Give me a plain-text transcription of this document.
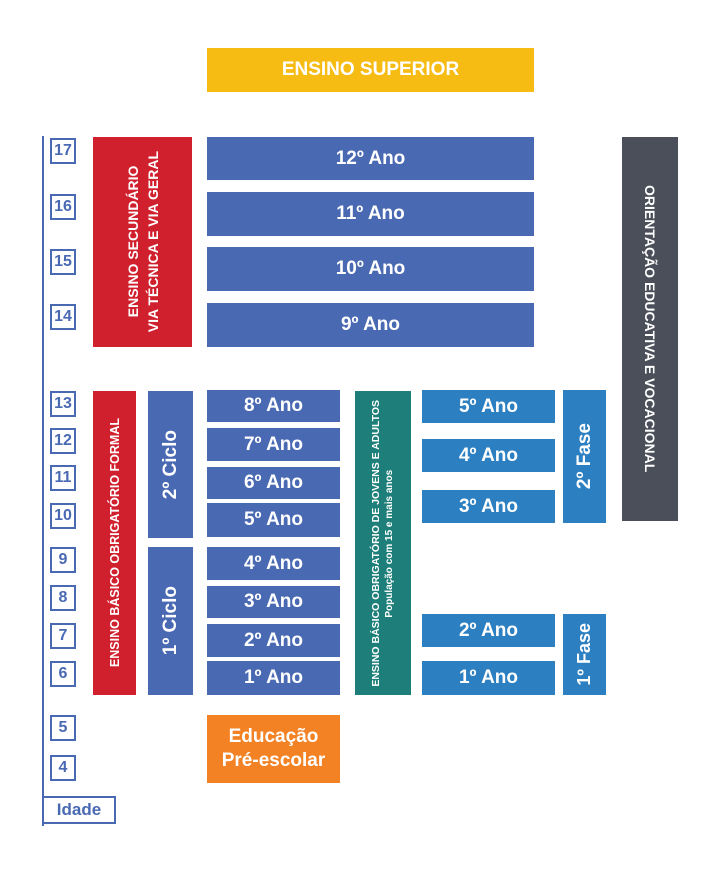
ENSINO SUPERIOR
17
16
15
14
13
12
11
10
9
8
7
6
5
4
Idade
ENSINO SECUNDÁRIO VIA TÉCNICA E VIA GERAL	12º Ano
11º Ano
10º Ano
9º Ano	ORIENTAÇÃO EDUCATIVA E VOCACIONAL
ENSINO BÁSICO OBRIGATÓRIO FORMAL 2º Ciclo
1º Ciclo
8º Ano
7º Ano
6º Ano
5º Ano
4º Ano
3º Ano
2º Ano
1º Ano	ENSINO BÁSICO OBRIGATÓRIO DE JOVENS E ADULTOS População com 15 e mais anos
5º Ano
4º Ano
3º Ano
2º Ano
1º Ano
2º Fase
1º Fase
Educação
Pré-escolar
